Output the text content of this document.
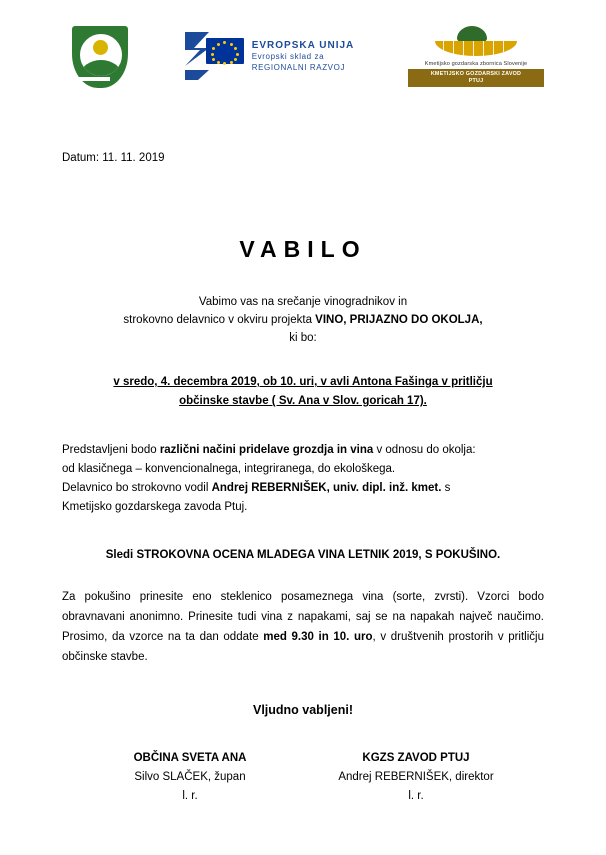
EVROPSKA UNIJA
Evropski sklad za
REGIONALNI RAZVOJ	Kmetijsko gozdarska zbornica Slovenije
KMETIJSKO GOZDARSKI ZAVOD
PTUJ
Datum: 11. 11. 2019
VABILO
Vabimo vas na srečanje vinogradnikov in
strokovno delavnico v okviru projekta VINO, PRIJAZNO DO OKOLJA,
ki bo:
v sredo, 4. decembra 2019, ob 10. uri, v avli Antona Fašinga v pritličju
občinske stavbe ( Sv. Ana v Slov. goricah 17).
Predstavljeni bodo različni načini pridelave grozdja in vina v odnosu do okolja:
od klasičnega – konvencionalnega, integriranega, do ekološkega.
Delavnico bo strokovno vodil Andrej REBERNIŠEK, univ. dipl. inž. kmet. s
Kmetijsko gozdarskega zavoda Ptuj.
Sledi STROKOVNA OCENA MLADEGA VINA LETNIK 2019, S POKUŠINO.
Za pokušino prinesite eno steklenico posameznega vina (sorte, zvrsti). Vzorci bodo obravnavani anonimno. Prinesite tudi vina z napakami, saj se na napakah največ naučimo. Prosimo, da vzorce na ta dan oddate med 9.30 in 10. uro, v društvenih prostorih v pritličju občinske stavbe.
Vljudno vabljeni!
OBČINA SVETA ANA
Silvo SLAČEK, župan
l. r.
KGZS ZAVOD PTUJ
Andrej REBERNIŠEK, direktor
l. r.
